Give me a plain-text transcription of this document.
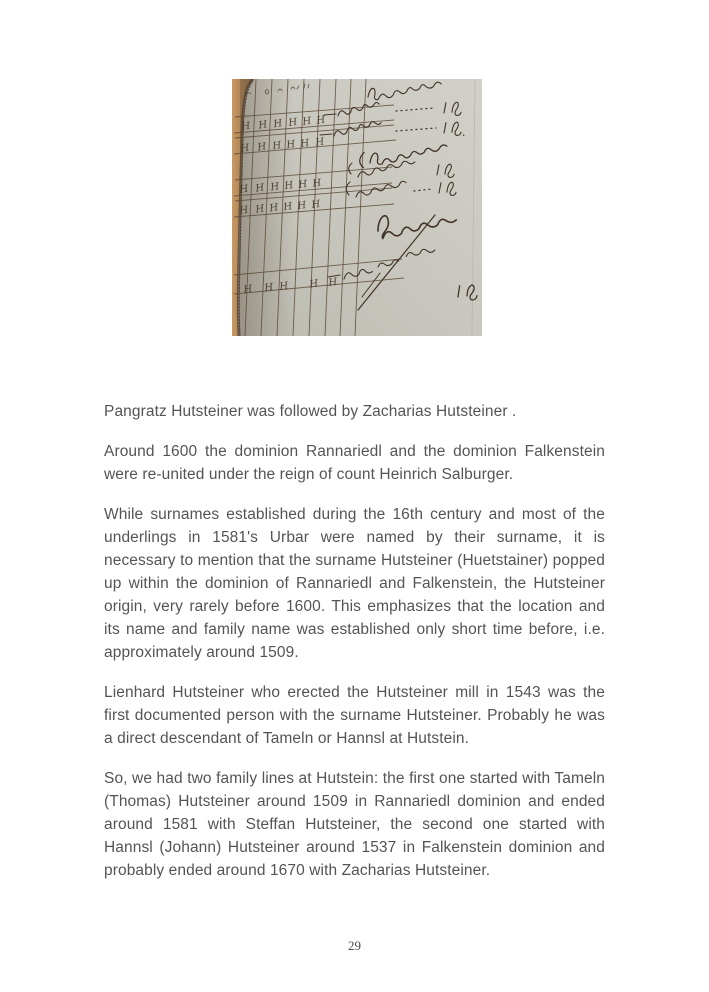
H H H H H H
H H H H H H
H H H H H H
H H H H H H
H H H H H

Pangratz Hutsteiner was followed by Zacharias Hutsteiner .

Around 1600 the dominion Rannariedl and the dominion Falkenstein were re-united under the reign of count Heinrich Salburger.

While surnames established during the 16th century and most of the underlings in 1581's Urbar were named by their surname, it is necessary to mention that the surname Hutsteiner (Huetstainer) popped up within the dominion of Rannariedl and Falkenstein, the Hutsteiner origin, very rarely before 1600. This emphasizes that the location and its name and family name was established only short time before, i.e. approximately around 1509.

Lienhard Hutsteiner who erected the Hutsteiner mill in 1543 was the first documented person with the surname Hutsteiner. Probably he was a direct descendant of Tameln or Hannsl at Hutstein.

So, we had two family lines at Hutstein: the first one started with Tameln (Thomas) Hutsteiner around 1509 in Rannariedl dominion and ended around 1581 with Steffan Hutsteiner, the second one started with Hannsl (Johann) Hutsteiner around 1537 in Falkenstein dominion and probably ended around 1670 with Zacharias Hutsteiner.

29
